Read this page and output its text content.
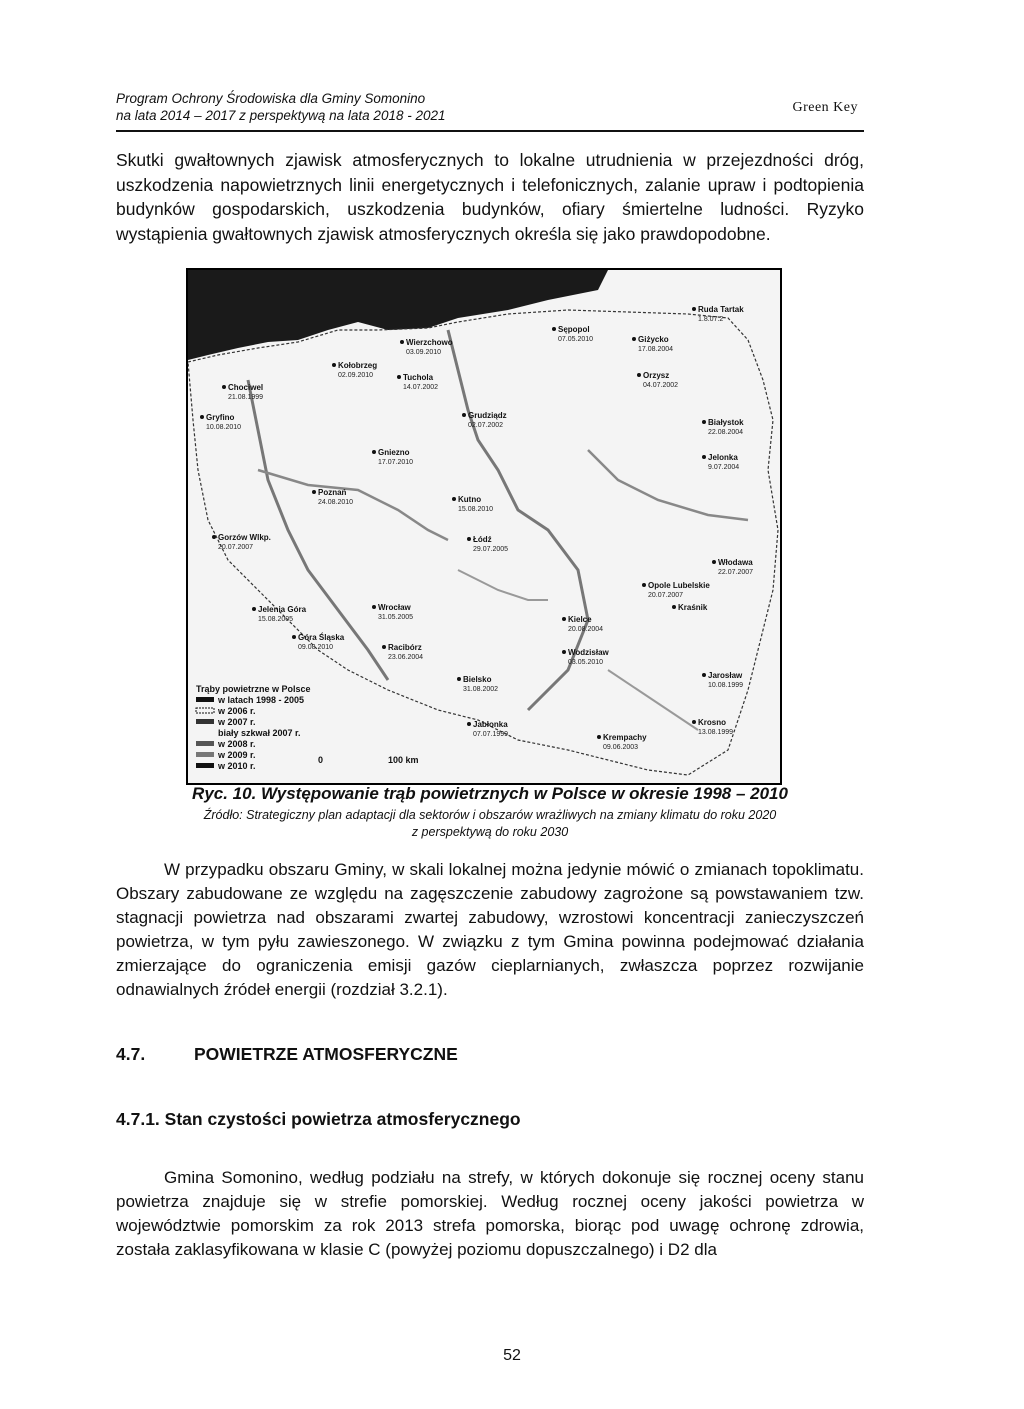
Program Ochrony Środowiska dla Gminy Somonino
na lata 2014 – 2017 z perspektywą na lata 2018 - 2021
Green Key
Skutki gwałtownych zjawisk atmosferycznych to lokalne utrudnienia w przejezdności dróg, uszkodzenia napowietrznych linii energetycznych i telefonicznych, zalanie upraw i podtopienia budynków gospodarskich, uszkodzenia budynków, ofiary śmiertelne ludności. Ryzyko wystąpienia gwałtownych zjawisk atmosferycznych określa się jako prawdopodobne.
Trąby powietrzne w Polsce
w latach 1998 - 2005
w 2006 r.
w 2007 r.
biały szkwał 2007 r.
w 2008 r.
w 2009 r.
w 2010 r.
0	100 km
Kołobrzeg
02.09.2010
Wierzchowo
03.09.2010
Chociwel
21.08.1999
Gryfino
10.08.2010
Tuchola
14.07.2002
Ruda Tartak
1.8.07.2
Sępopol
07.05.2010	Giżycko
17.08.2004
Orzysz
04.07.2002
Grudziądz
02.07.2002
Gniezno
17.07.2010
Poznań
24.08.2010	Kutno
15.08.2010
Łódź
29.07.2005
Białystok
22.08.2004
Jelonka
9.07.2004
Włodawa
22.07.2007
Wrocław
31.05.2005
Jelenia Góra
15.08.2005
Góra Śląska
09.08.2010
Kielce
20.08.2004
Opole Lubelskie
20.07.2007
Bielsko
31.08.2002
Jarosław
10.08.1999
Krosno
13.08.1999
Krempachy
09.06.2003
Jabłonka
07.07.1999
Racibórz
23.06.2004
Gorzów Wlkp.
20.07.2007
Kraśnik
Wodzisław
03.05.2010
Ryc. 10. Występowanie trąb powietrznych w Polsce w okresie 1998 – 2010
Źródło: Strategiczny plan adaptacji dla sektorów i obszarów wrażliwych na zmiany klimatu do roku 2020
z perspektywą do roku 2030
W przypadku obszaru Gminy, w skali lokalnej można jedynie mówić o zmianach topoklimatu. Obszary zabudowane ze względu na zagęszczenie zabudowy zagrożone są powstawaniem tzw. stagnacji powietrza nad obszarami zwartej zabudowy, wzrostowi koncentracji zanieczyszczeń powietrza, w tym pyłu zawieszonego. W związku z tym Gmina powinna podejmować działania zmierzające do ograniczenia emisji gazów cieplarnianych, zwłaszcza poprzez rozwijanie odnawialnych źródeł energii (rozdział 3.2.1).
4.7.	POWIETRZE ATMOSFERYCZNE
4.7.1. Stan czystości powietrza atmosferycznego
Gmina Somonino, według podziału na strefy, w których dokonuje się rocznej oceny stanu powietrza znajduje się w strefie pomorskiej. Według rocznej oceny jakości powietrza w województwie pomorskim za rok 2013 strefa pomorska, biorąc pod uwagę ochronę zdrowia, została zaklasyfikowana w klasie C (powyżej poziomu dopuszczalnego) i D2 dla
52
